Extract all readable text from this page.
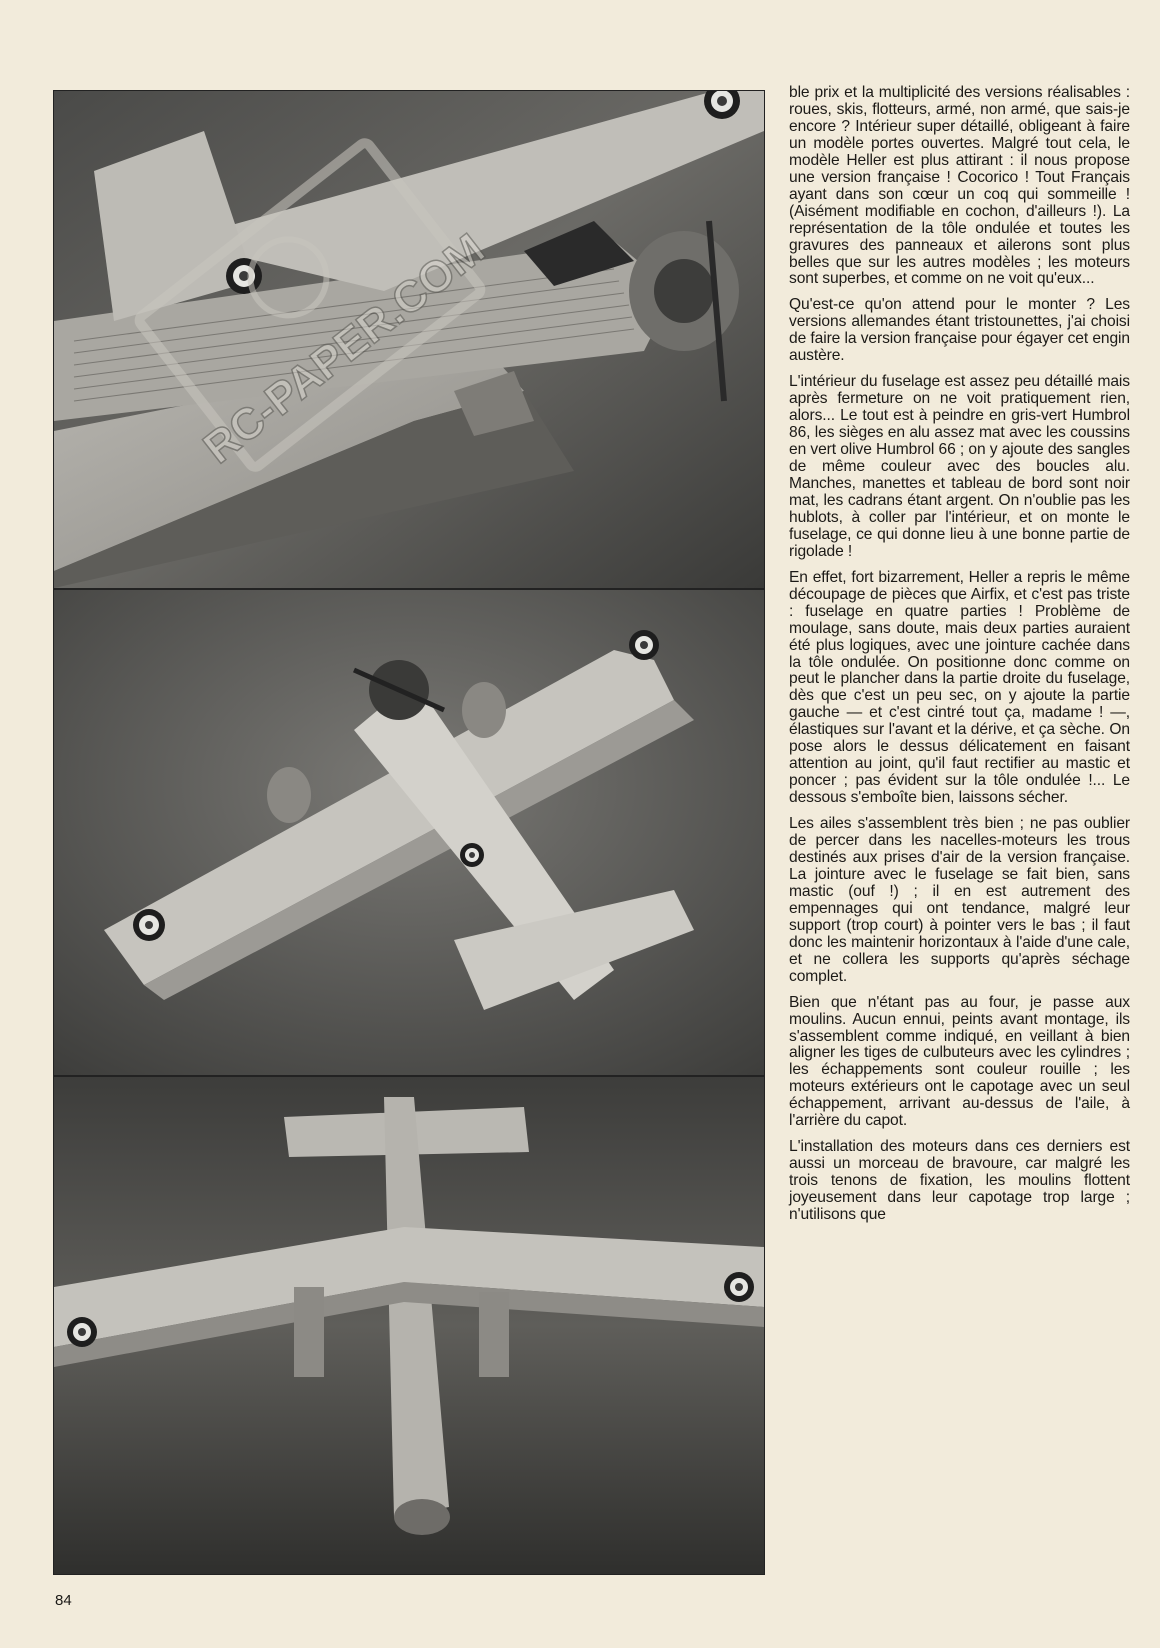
RC-PAPER.COM

ble prix et la multiplicité des versions réalisables : roues, skis, flotteurs, armé, non armé, que sais-je encore ? Intérieur super détaillé, obligeant à faire un modèle portes ouvertes. Malgré tout cela, le modèle Heller est plus attirant : il nous propose une version française ! Cocorico ! Tout Français ayant dans son cœur un coq qui sommeille ! (Aisément modifiable en cochon, d'ailleurs !). La représentation de la tôle ondulée et toutes les gravures des panneaux et ailerons sont plus belles que sur les autres modèles ; les moteurs sont superbes, et comme on ne voit qu'eux...

Qu'est-ce qu'on attend pour le monter ? Les versions allemandes étant tristounettes, j'ai choisi de faire la version française pour égayer cet engin austère.

L'intérieur du fuselage est assez peu détaillé mais après fermeture on ne voit pratiquement rien, alors... Le tout est à peindre en gris-vert Humbrol 86, les sièges en alu assez mat avec les coussins en vert olive Humbrol 66 ; on y ajoute des sangles de même couleur avec des boucles alu. Manches, manettes et tableau de bord sont noir mat, les cadrans étant argent. On n'oublie pas les hublots, à coller par l'intérieur, et on monte le fuselage, ce qui donne lieu à une bonne partie de rigolade !

En effet, fort bizarrement, Heller a repris le même découpage de pièces que Airfix, et c'est pas triste : fuselage en quatre parties ! Problème de moulage, sans doute, mais deux parties auraient été plus logiques, avec une jointure cachée dans la tôle ondulée. On positionne donc comme on peut le plancher dans la partie droite du fuselage, dès que c'est un peu sec, on y ajoute la partie gauche — et c'est cintré tout ça, madame ! —, élastiques sur l'avant et la dérive, et ça sèche. On pose alors le dessus délicatement en faisant attention au joint, qu'il faut rectifier au mastic et poncer ; pas évident sur la tôle ondulée !... Le dessous s'emboîte bien, laissons sécher.

Les ailes s'assemblent très bien ; ne pas oublier de percer dans les nacelles-moteurs les trous destinés aux prises d'air de la version française. La jointure avec le fuselage se fait bien, sans mastic (ouf !) ; il en est autrement des empennages qui ont tendance, malgré leur support (trop court) à pointer vers le bas ; il faut donc les maintenir horizontaux à l'aide d'une cale, et ne collera les supports qu'après séchage complet.

Bien que n'étant pas au four, je passe aux moulins. Aucun ennui, peints avant montage, ils s'assemblent comme indiqué, en veillant à bien aligner les tiges de culbuteurs avec les cylindres ; les échappements sont couleur rouille ; les moteurs extérieurs ont le capotage avec un seul échappement, arrivant au-dessus de l'aile, à l'arrière du capot.

L'installation des moteurs dans ces derniers est aussi un morceau de bravoure, car malgré les trois tenons de fixation, les moulins flottent joyeusement dans leur capotage trop large ; n'utilisons que

84
